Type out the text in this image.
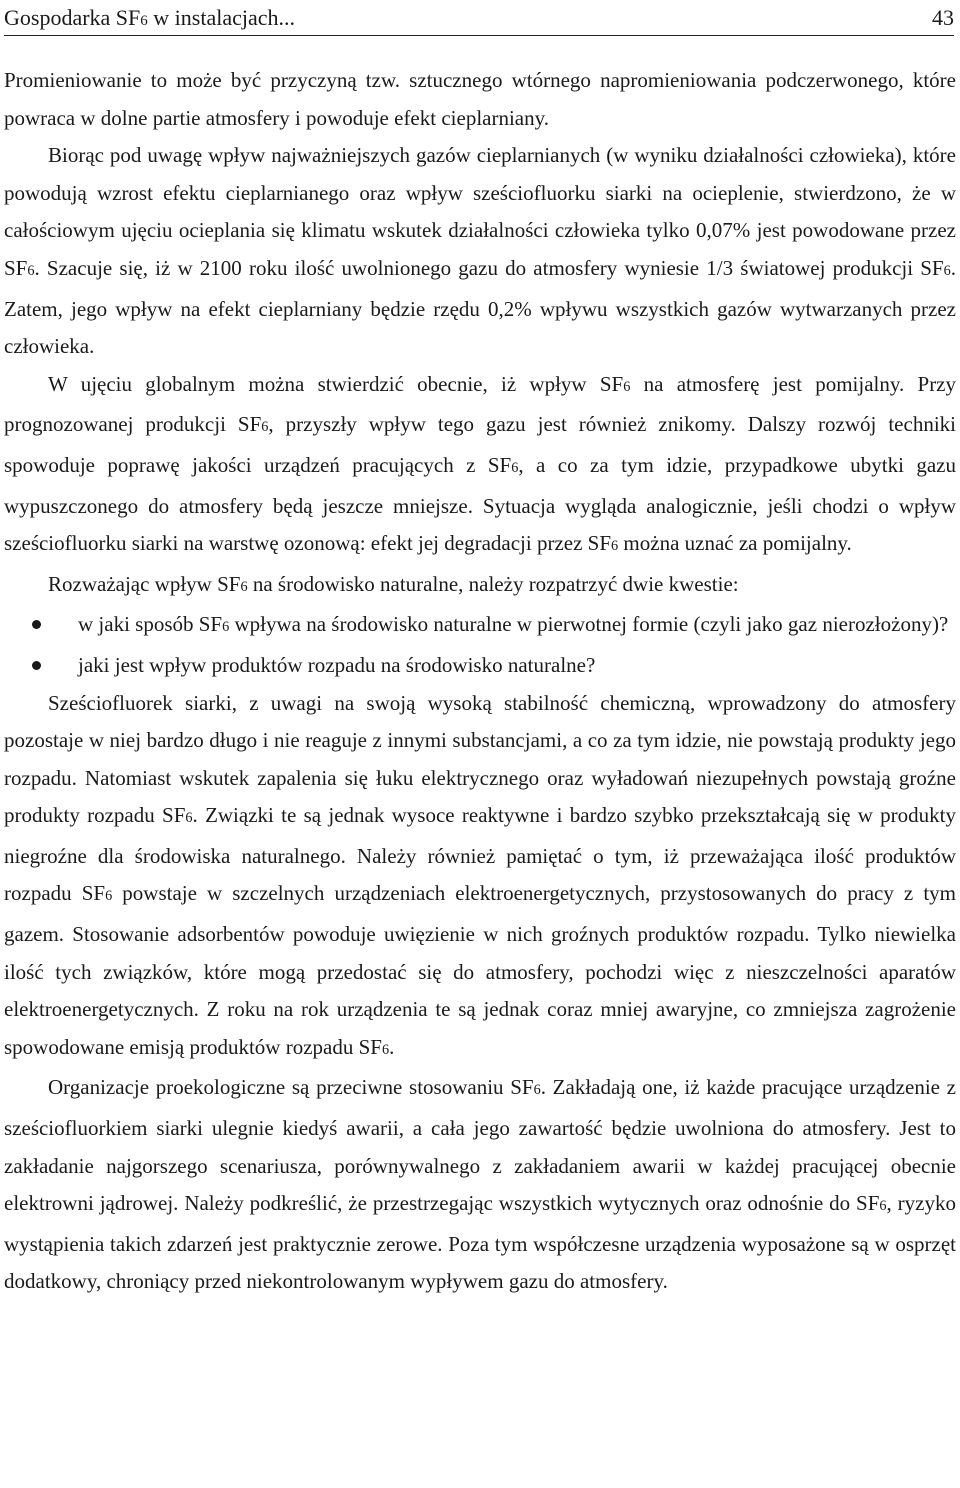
Gospodarka SF6 w instalacjach...	43

Promieniowanie to może być przyczyną tzw. sztucznego wtórnego napromieniowania podczerwonego, które powraca w dolne partie atmosfery i powoduje efekt cieplarniany.

Biorąc pod uwagę wpływ najważniejszych gazów cieplarnianych (w wyniku działalności człowieka), które powodują wzrost efektu cieplarnianego oraz wpływ sześciofluorku siarki na ocieplenie, stwierdzono, że w całościowym ujęciu ocieplania się klimatu wskutek działalności człowieka tylko 0,07% jest powodowane przez SF6. Szacuje się, iż w 2100 roku ilość uwolnionego gazu do atmosfery wyniesie 1/3 światowej produkcji SF6. Zatem, jego wpływ na efekt cieplarniany będzie rzędu 0,2% wpływu wszystkich gazów wytwarzanych przez człowieka.

W ujęciu globalnym można stwierdzić obecnie, iż wpływ SF6 na atmosferę jest pomijalny. Przy prognozowanej produkcji SF6, przyszły wpływ tego gazu jest również znikomy. Dalszy rozwój techniki spowoduje poprawę jakości urządzeń pracujących z SF6, a co za tym idzie, przypadkowe ubytki gazu wypuszczonego do atmosfery będą jeszcze mniejsze. Sytuacja wygląda analogicznie, jeśli chodzi o wpływ sześciofluorku siarki na warstwę ozonową: efekt jej degradacji przez SF6 można uznać za pomijalny.

Rozważając wpływ SF6 na środowisko naturalne, należy rozpatrzyć dwie kwestie:

w jaki sposób SF6 wpływa na środowisko naturalne w pierwotnej formie (czyli jako gaz nierozłożony)?
jaki jest wpływ produktów rozpadu na środowisko naturalne?

Sześciofluorek siarki, z uwagi na swoją wysoką stabilność chemiczną, wprowadzony do atmosfery pozostaje w niej bardzo długo i nie reaguje z innymi substancjami, a co za tym idzie, nie powstają produkty jego rozpadu. Natomiast wskutek zapalenia się łuku elektrycznego oraz wyładowań niezupełnych powstają groźne produkty rozpadu SF6. Związki te są jednak wysoce reaktywne i bardzo szybko przekształcają się w produkty niegroźne dla środowiska naturalnego. Należy również pamiętać o tym, iż przeważająca ilość produktów rozpadu SF6 powstaje w szczelnych urządzeniach elektroenergetycznych, przystosowanych do pracy z tym gazem. Stosowanie adsorbentów powoduje uwięzienie w nich groźnych produktów rozpadu. Tylko niewielka ilość tych związków, które mogą przedostać się do atmosfery, pochodzi więc z nieszczelności aparatów elektroenergetycznych. Z roku na rok urządzenia te są jednak coraz mniej awaryjne, co zmniejsza zagrożenie spowodowane emisją produktów rozpadu SF6.

Organizacje proekologiczne są przeciwne stosowaniu SF6. Zakładają one, iż każde pracujące urządzenie z sześciofluorkiem siarki ulegnie kiedyś awarii, a cała jego zawartość będzie uwolniona do atmosfery. Jest to zakładanie najgorszego scenariusza, porównywalnego z zakładaniem awarii w każdej pracującej obecnie elektrowni jądrowej. Należy podkreślić, że przestrzegając wszystkich wytycznych oraz odnośnie do SF6, ryzyko wystąpienia takich zdarzeń jest praktycznie zerowe. Poza tym współczesne urządzenia wyposażone są w osprzęt dodatkowy, chroniący przed niekontrolowanym wypływem gazu do atmosfery.
